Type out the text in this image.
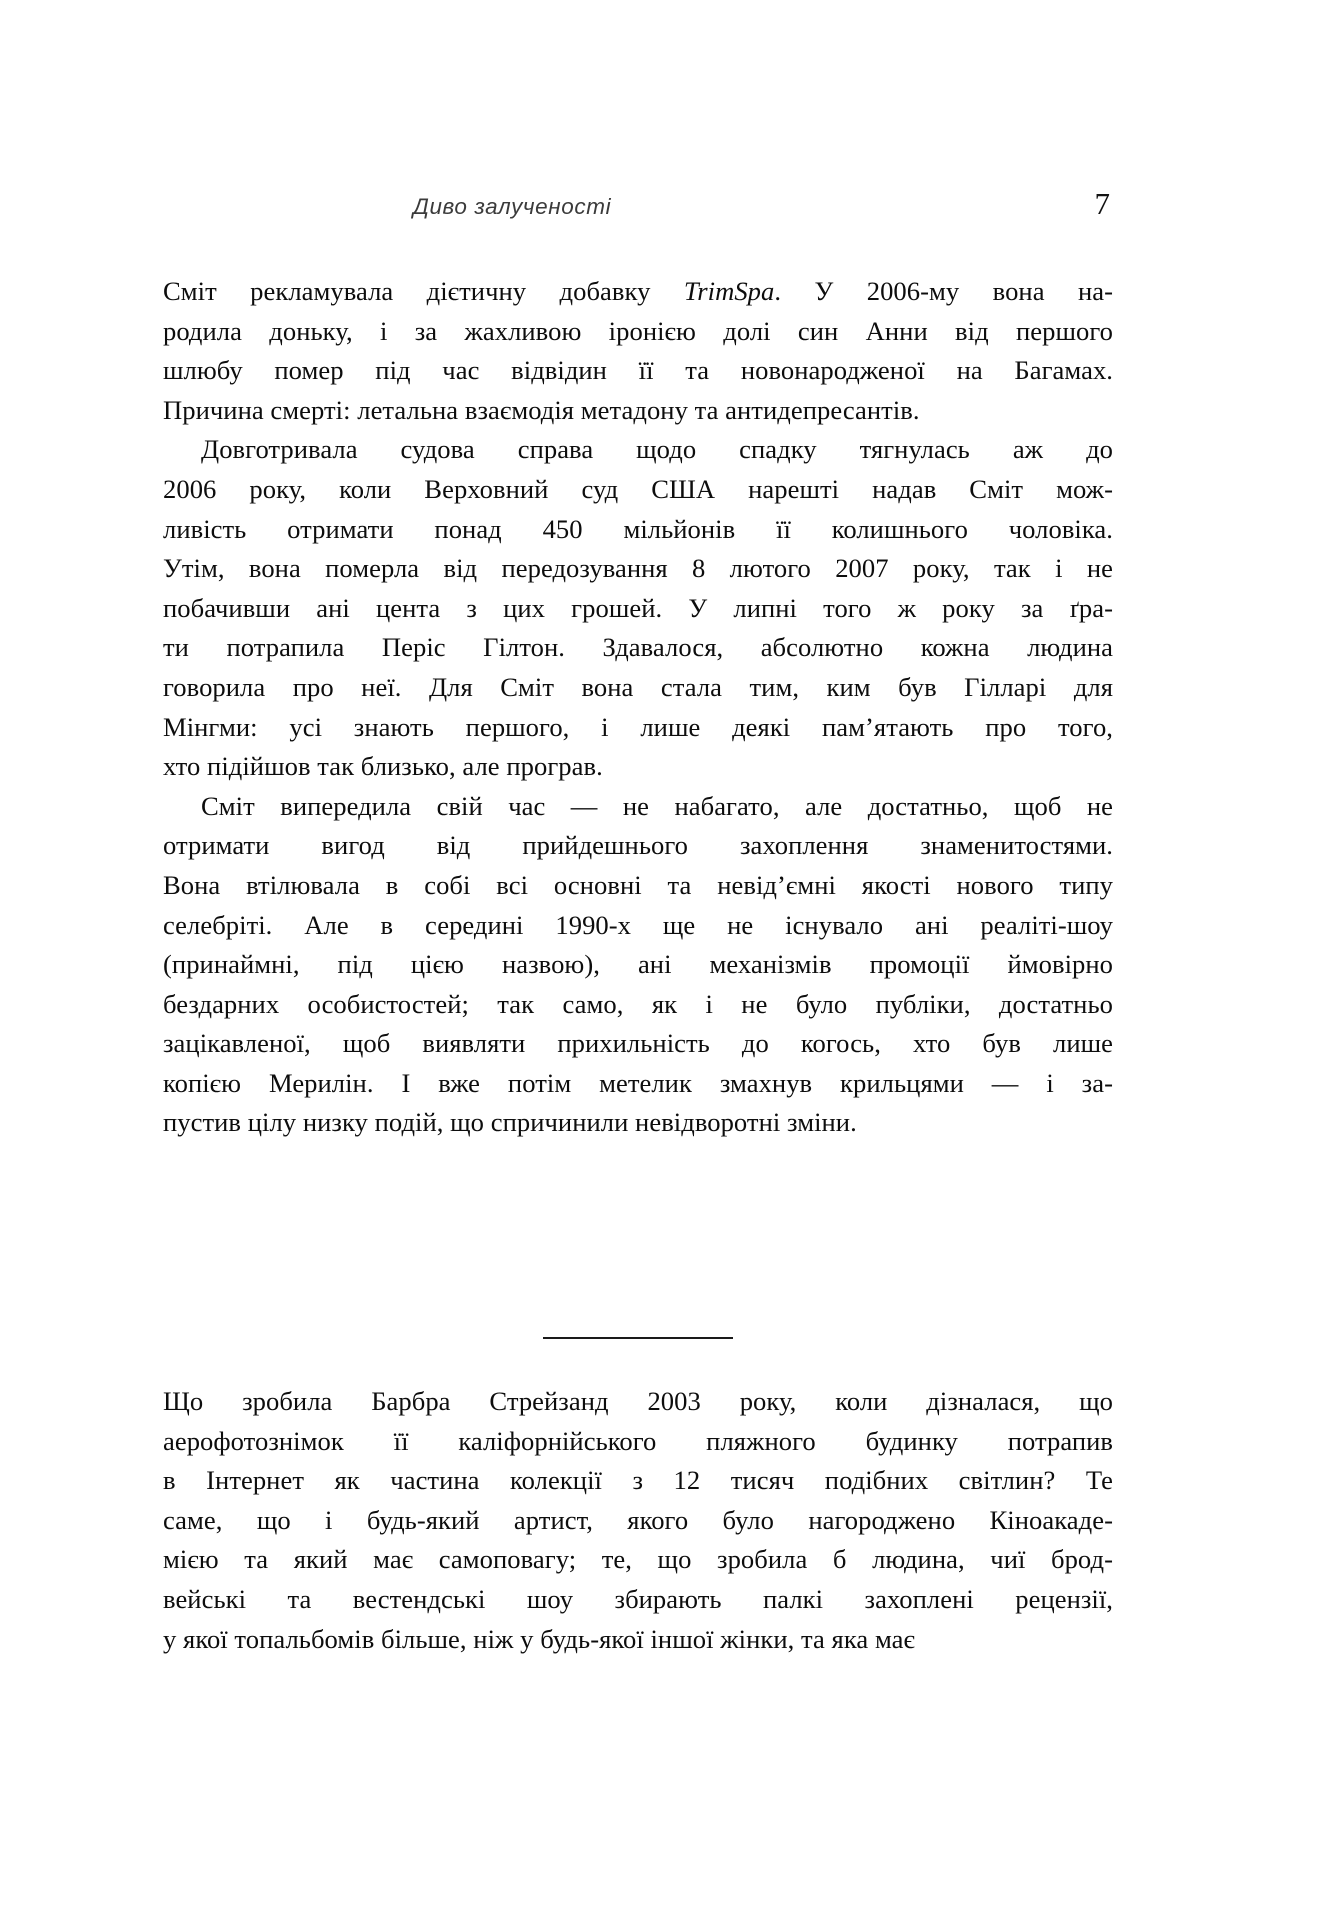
Диво залученості	7
Сміт рекламувала дієтичну добавку TrimSpa. У 2006-му вона на-
родила доньку, і за жахливою іронією долі син Анни від першого
шлюбу помер під час відвідин її та новонародженої на Багамах.
Причина смерті: летальна взаємодія метадону та антидепресантів.
Довготривала судова справа щодо спадку тягнулась аж до
2006 року, коли Верховний суд США нарешті надав Сміт мож-
ливість отримати понад 450 мільйонів її колишнього чоловіка.
Утім, вона померла від передозування 8 лютого 2007 року, так і не
побачивши ані цента з цих грошей. У липні того ж року за ґра-
ти потрапила Періс Гілтон. Здавалося, абсолютно кожна людина
говорила про неї. Для Сміт вона стала тим, ким був Гілларі для
Мінгми: усі знають першого, і лише деякі пам’ятають про того,
хто підійшов так близько, але програв.
Сміт випередила свій час — не набагато, але достатньо, щоб не
отримати вигод від прийдешнього захоплення знаменитостями.
Вона втілювала в собі всі основні та невід’ємні якості нового типу
селебріті. Але в середині 1990-х ще не існувало ані реаліті-шоу
(принаймні, під цією назвою), ані механізмів промоції ймовірно
бездарних особистостей; так само, як і не було публіки, достатньо
зацікавленої, щоб виявляти прихильність до когось, хто був лише
копією Мерилін. І вже потім метелик змахнув крильцями — і за-
пустив цілу низку подій, що спричинили невідворотні зміни.
Що зробила Барбра Стрейзанд 2003 року, коли дізналася, що
аерофотознімок її каліфорнійського пляжного будинку потрапив
в Інтернет як частина колекції з 12 тисяч подібних світлин? Те
саме, що і будь-який артист, якого було нагороджено Кіноакаде-
мією та який має самоповагу; те, що зробила б людина, чиї брод-
вейські та вестендські шоу збирають палкі захоплені рецензії,
у якої топальбомів більше, ніж у будь-якої іншої жінки, та яка має
